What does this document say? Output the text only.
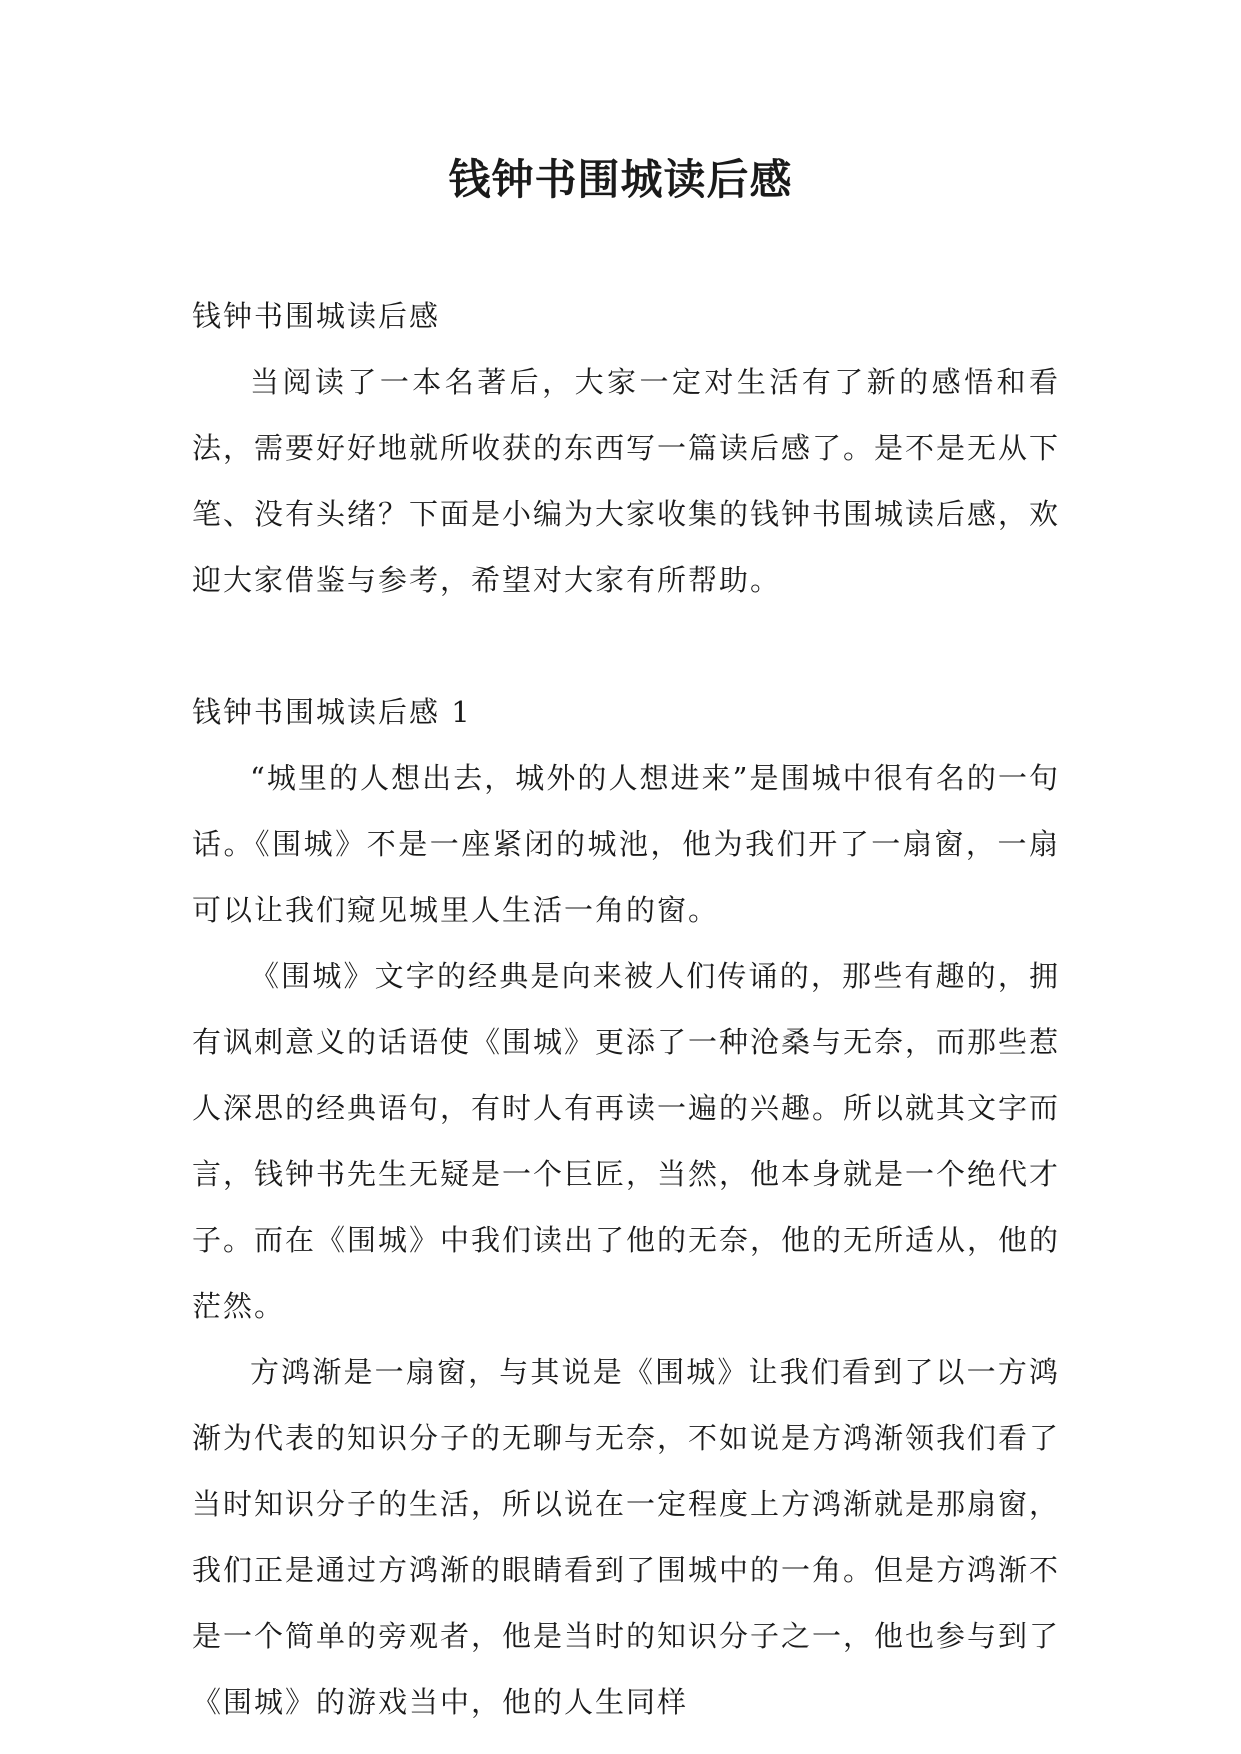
钱钟书围城读后感

钱钟书围城读后感

当阅读了一本名著后，大家一定对生活有了新的感悟和看法，需要好好地就所收获的东西写一篇读后感了。是不是无从下笔、没有头绪？下面是小编为大家收集的钱钟书围城读后感，欢迎大家借鉴与参考，希望对大家有所帮助。

钱钟书围城读后感 1

“城里的人想出去，城外的人想进来”是围城中很有名的一句话。《围城》不是一座紧闭的城池，他为我们开了一扇窗，一扇可以让我们窥见城里人生活一角的窗。

《围城》文字的经典是向来被人们传诵的，那些有趣的，拥有讽刺意义的话语使《围城》更添了一种沧桑与无奈，而那些惹人深思的经典语句，有时人有再读一遍的兴趣。所以就其文字而言，钱钟书先生无疑是一个巨匠，当然，他本身就是一个绝代才子。而在《围城》中我们读出了他的无奈，他的无所适从，他的茫然。

方鸿渐是一扇窗，与其说是《围城》让我们看到了以一方鸿渐为代表的知识分子的无聊与无奈，不如说是方鸿渐领我们看了当时知识分子的生活，所以说在一定程度上方鸿渐就是那扇窗，我们正是通过方鸿渐的眼睛看到了围城中的一角。但是方鸿渐不是一个简单的旁观者，他是当时的知识分子之一，他也参与到了《围城》的游戏当中，他的人生同样
